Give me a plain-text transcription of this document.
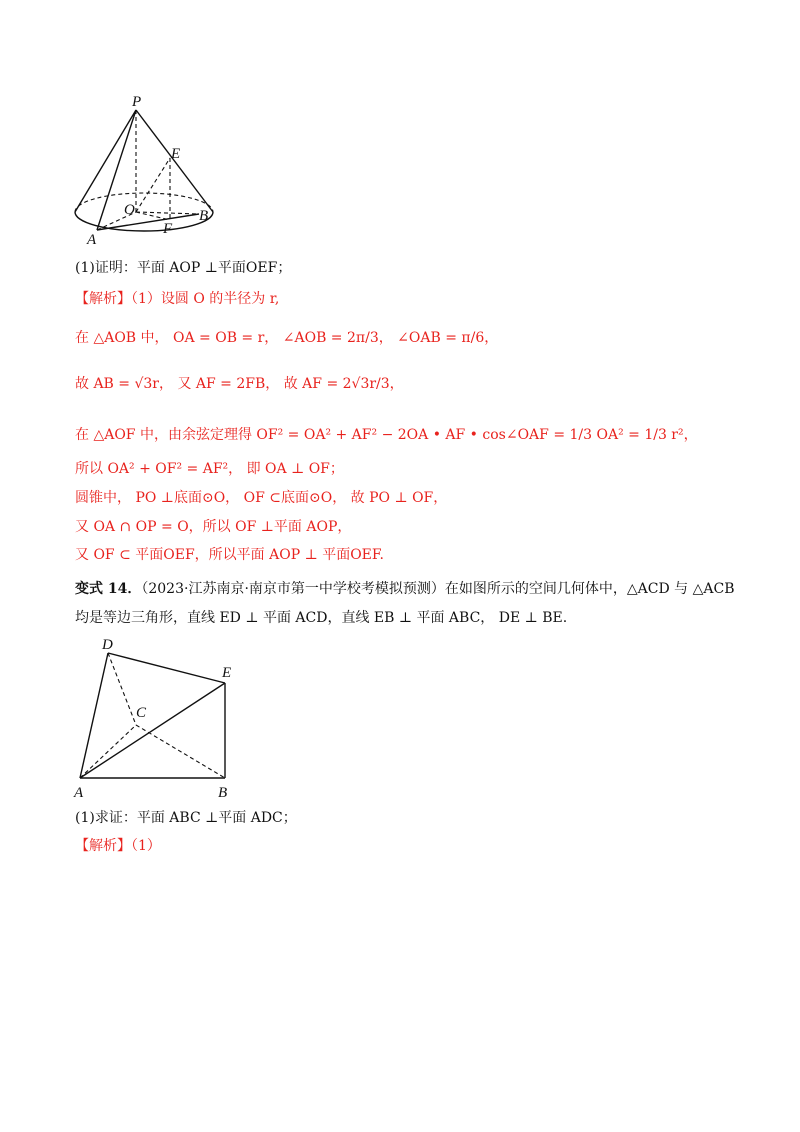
P
E
O	B
A
F
(1)证明：平面 AOP ⊥平面OEF；
【解析】（1）设圆 O 的半径为 r,
在 △AOB 中， OA = OB = r， ∠AOB = 2π/3， ∠OAB = π/6，
故 AB = √3r， 又 AF = 2FB， 故 AF = 2√3r/3，
在 △AOF 中，由余弦定理得 OF² = OA² + AF² − 2OA • AF • cos∠OAF = 1/3 OA² = 1/3 r²，
所以 OA² + OF² = AF²， 即 OA ⊥ OF；
圆锥中， PO ⊥底面⊙O， OF ⊂底面⊙O， 故 PO ⊥ OF，
又 OA ∩ OP = O，所以 OF ⊥平面 AOP，
又 OF ⊂ 平面OEF，所以平面 AOP ⊥ 平面OEF.
变式 14．（2023·江苏南京·南京市第一中学校考模拟预测）在如图所示的空间几何体中，△ACD 与 △ACB
均是等边三角形，直线 ED ⊥ 平面 ACD，直线 EB ⊥ 平面 ABC， DE ⊥ BE.
D
E
C
A	B
(1)求证：平面 ABC ⊥平面 ADC；
【解析】（1）
